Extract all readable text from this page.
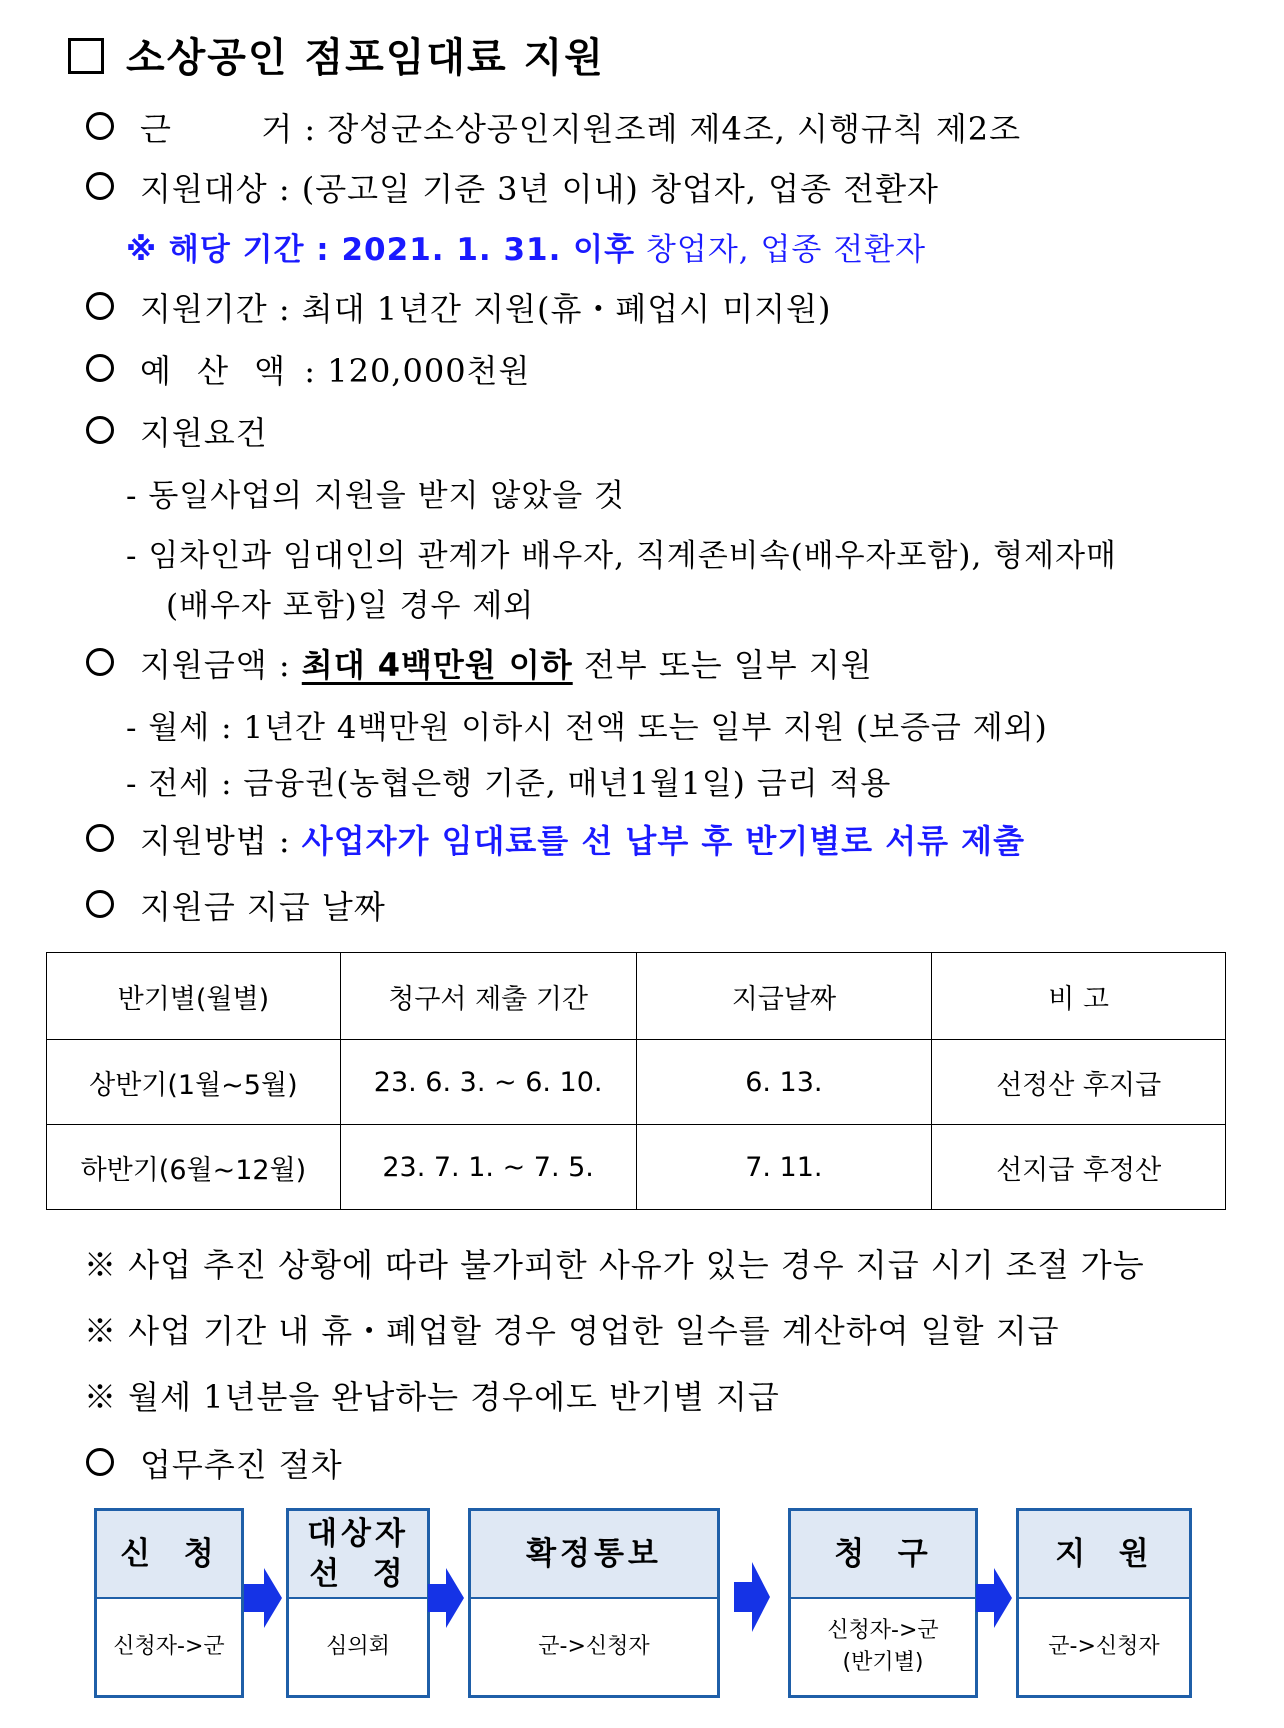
소상공인 점포임대료 지원
근        거 : 장성군소상공인지원조례 제4조, 시행규칙 제2조
지원대상 : (공고일 기준 3년 이내) 창업자, 업종 전환자
※ 해당 기간 : 2021. 1. 31. 이후 창업자, 업종 전환자
지원기간 : 최대 1년간 지원(휴・폐업시 미지원)
예 산 액 : 120,000천원
지원요건
- 동일사업의 지원을 받지 않았을 것
- 임차인과 임대인의 관계가 배우자, 직계존비속(배우자포함), 형제자매
(배우자 포함)일 경우 제외
지원금액 : 최대 4백만원 이하 전부 또는 일부 지원
- 월세 : 1년간 4백만원 이하시 전액 또는 일부 지원 (보증금 제외)
- 전세 : 금융권(농협은행 기준, 매년1월1일) 금리 적용
지원방법 : 사업자가 임대료를 선 납부 후 반기별로 서류 제출
지원금 지급 날짜
반기별(월별)	청구서 제출 기간	지급날짜	비 고
상반기(1월~5월)	23. 6. 3. ~ 6. 10.	6. 13.	선정산 후지급
하반기(6월~12월)	23. 7. 1. ~ 7. 5.	7. 11.	선지급 후정산
※ 사업 추진 상황에 따라 불가피한 사유가 있는 경우 지급 시기 조절 가능
※ 사업 기간 내 휴・폐업할 경우 영업한 일수를 계산하여 일할 지급
※ 월세 1년분을 완납하는 경우에도 반기별 지급
업무추진 절차
신  청
신청자->군
대상자
선  정
심의회
확정통보
군->신청자
청  구
신청자->군
(반기별)
지  원
군->신청자
